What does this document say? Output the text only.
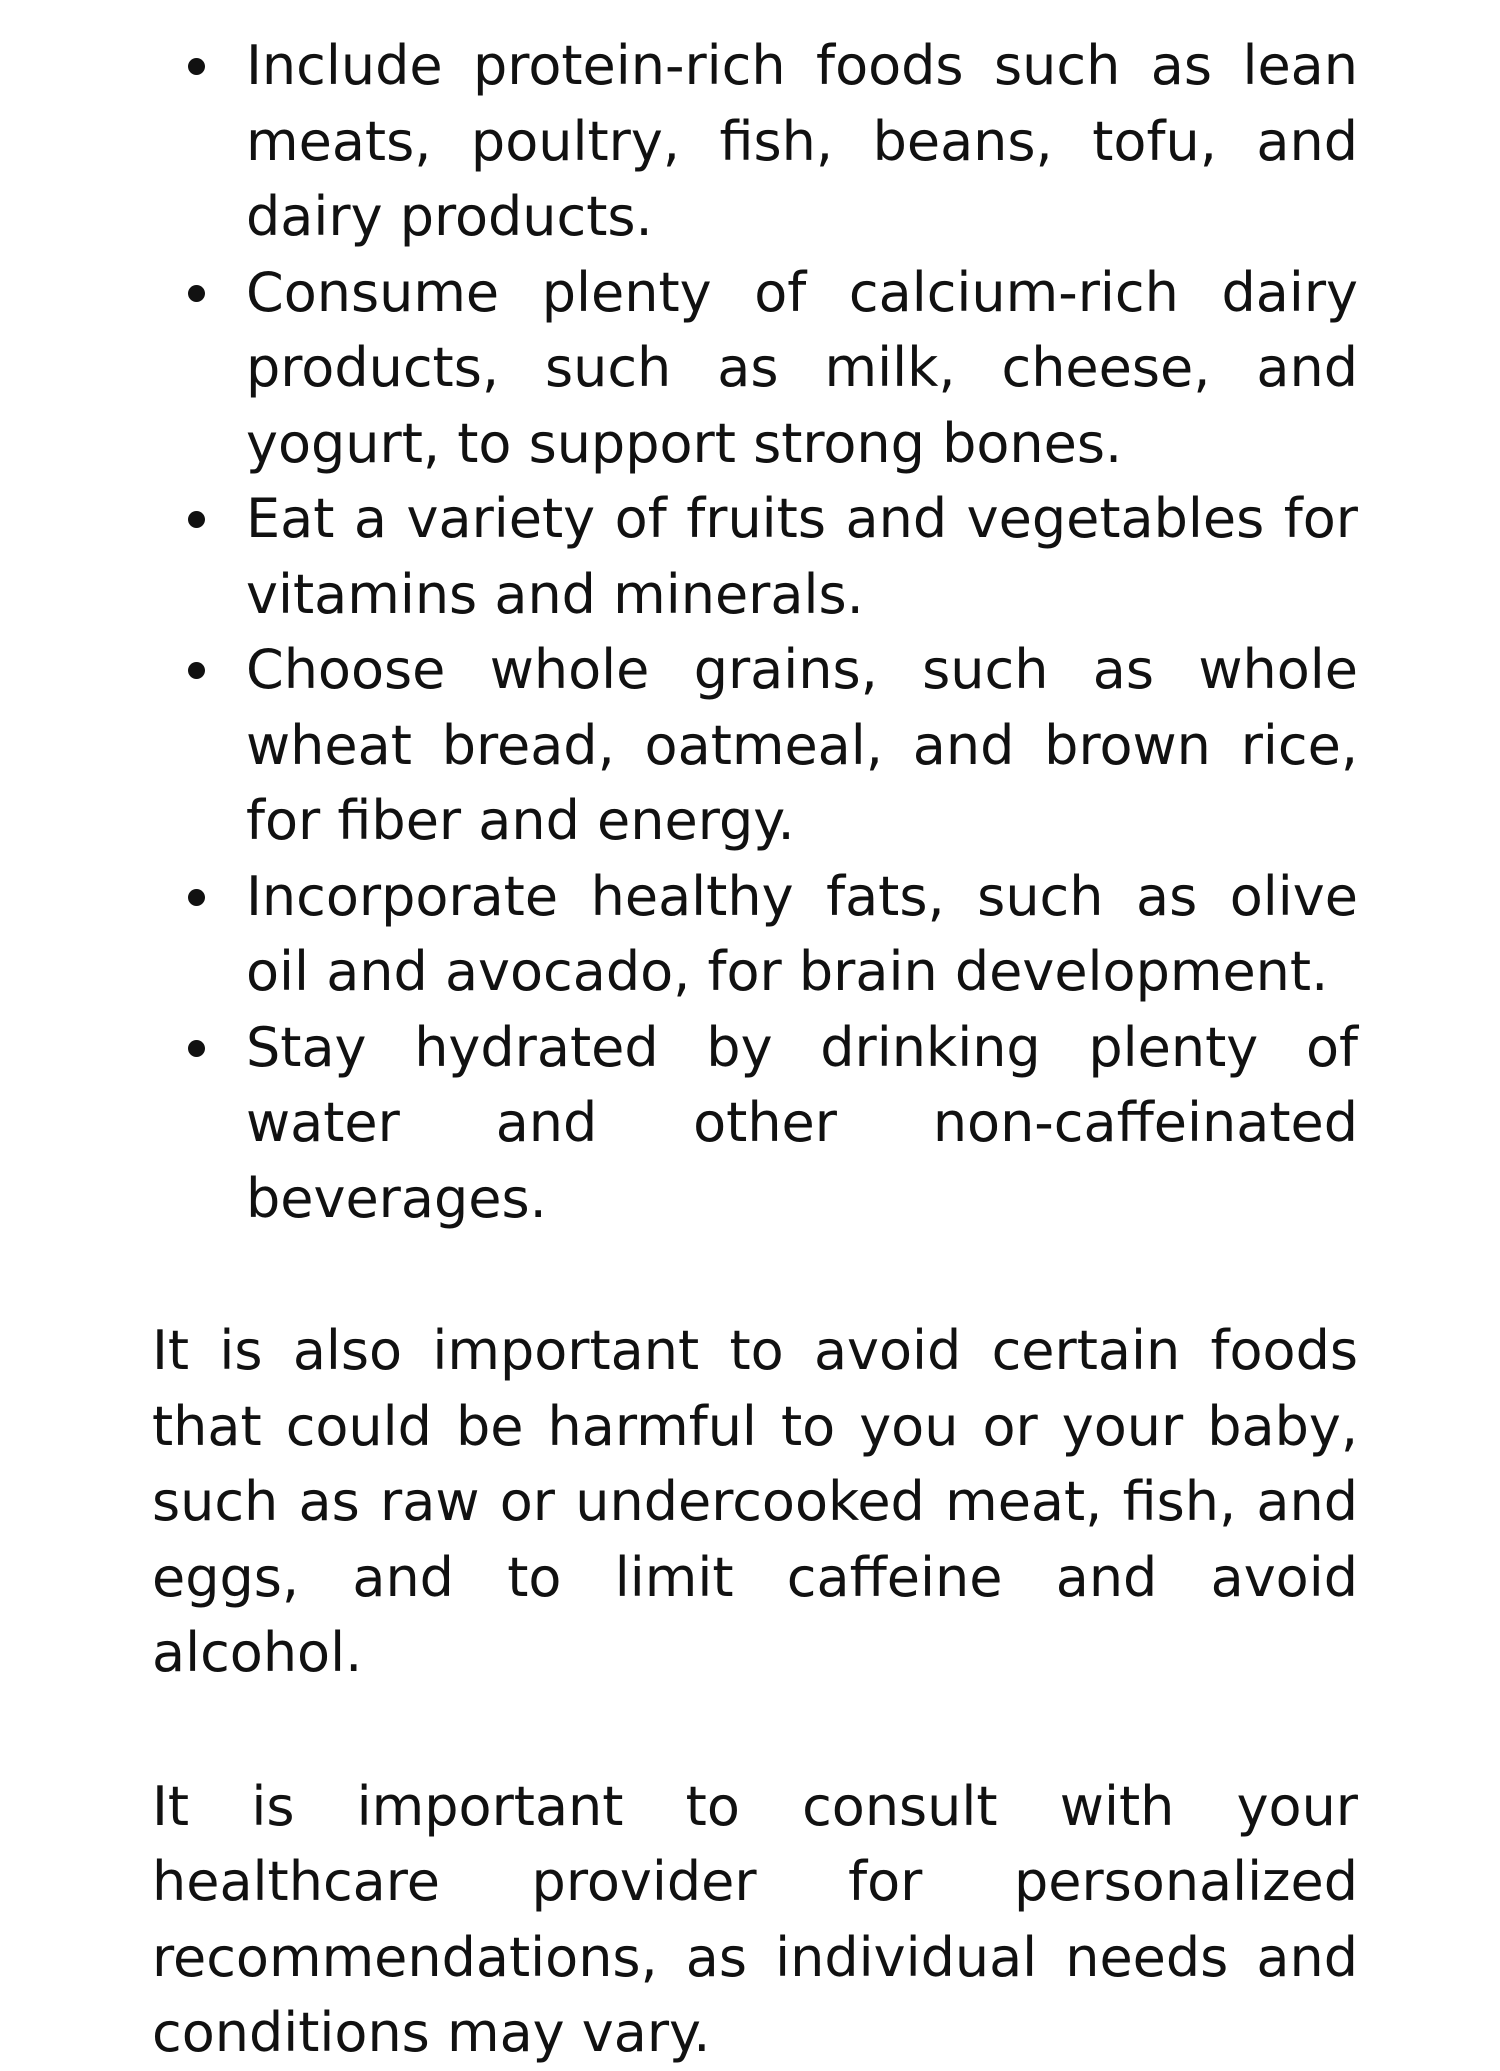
Include protein-rich foods such as lean meats, poultry, fish, beans, tofu, and dairy products.
Consume plenty of calcium-rich dairy products, such as milk, cheese, and yogurt, to support strong bones.
Eat a variety of fruits and vegetables for vitamins and minerals.
Choose whole grains, such as whole wheat bread, oatmeal, and brown rice, for fiber and energy.
Incorporate healthy fats, such as olive oil and avocado, for brain development.
Stay hydrated by drinking plenty of water and other non-caffeinated beverages.

It is also important to avoid certain foods that could be harmful to you or your baby, such as raw or undercooked meat, fish, and eggs, and to limit caffeine and avoid alcohol.

It is important to consult with your healthcare provider for personalized recommendations, as individual needs and conditions may vary.
